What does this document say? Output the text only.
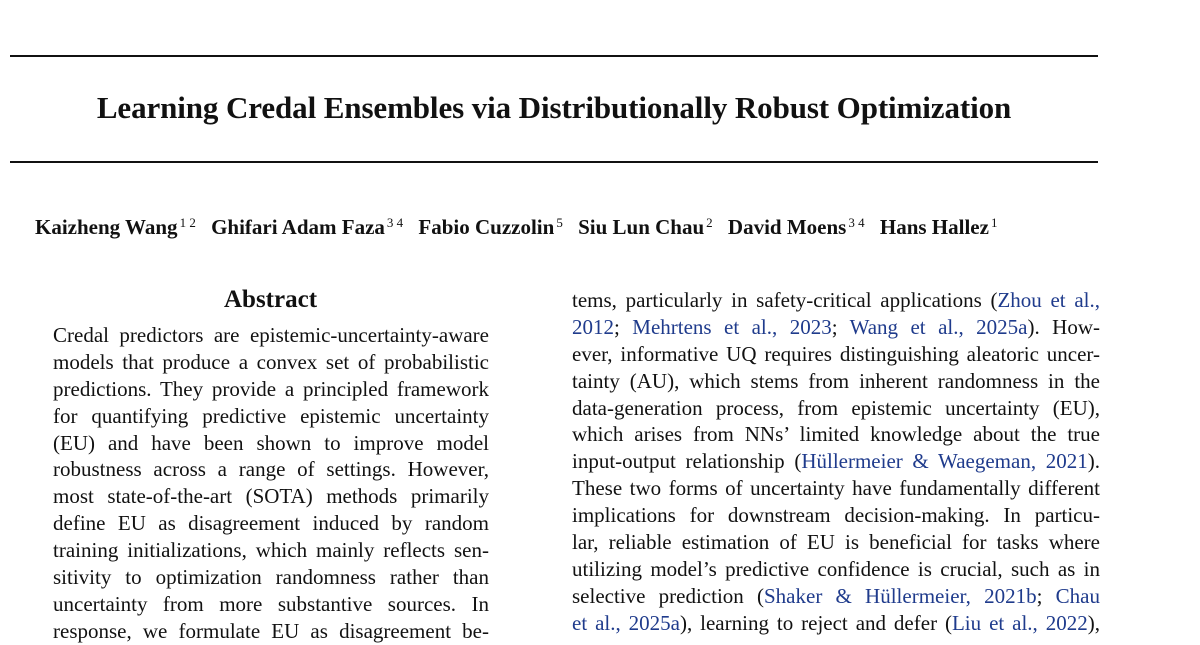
Learning Credal Ensembles via Distributionally Robust Optimization
Kaizheng Wang $^{1 2}$ Ghifari Adam Faza $^{3 4}$ Fabio Cuzzolin $^5$ Siu Lun Chau $^2$ David Moens $^{3 4}$ Hans Hallez $^1$
Abstract
Credal predictors are epistemic-uncertainty-aware
models that produce a convex set of probabilistic
predictions. They provide a principled framework
for quantifying predictive epistemic uncertainty
(EU) and have been shown to improve model
robustness across a range of settings. However,
most state-of-the-art (SOTA) methods primarily
define EU as disagreement induced by random
training initializations, which mainly reflects sen-
sitivity to optimization randomness rather than
uncertainty from more substantive sources. In
response, we formulate EU as disagreement be-
tems, particularly in safety-critical applications (Zhou et al.,
2012; Mehrtens et al., 2023; Wang et al., 2025a). How-
ever, informative UQ requires distinguishing aleatoric uncer-
tainty (AU), which stems from inherent randomness in the
data-generation process, from epistemic uncertainty (EU),
which arises from NNs’ limited knowledge about the true
input-output relationship (Hüllermeier & Waegeman, 2021).
These two forms of uncertainty have fundamentally different
implications for downstream decision-making. In particu-
lar, reliable estimation of EU is beneficial for tasks where
utilizing model’s predictive confidence is crucial, such as in
selective prediction (Shaker & Hüllermeier, 2021b; Chau
et al., 2025a), learning to reject and defer (Liu et al., 2022),
